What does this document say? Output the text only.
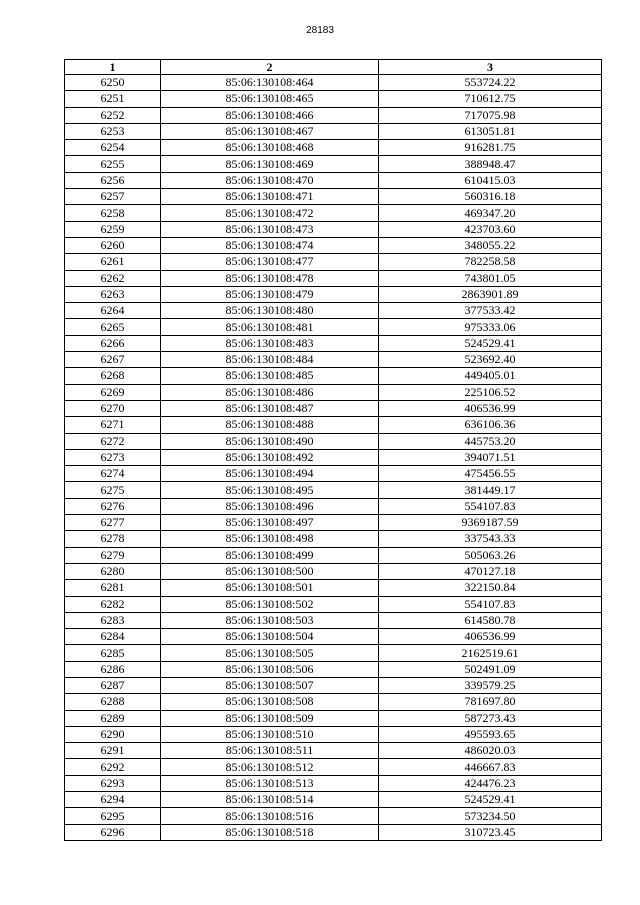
28183
1	2	3
6250	85:06:130108:464	553724.22
6251	85:06:130108:465	710612.75
6252	85:06:130108:466	717075.98
6253	85:06:130108:467	613051.81
6254	85:06:130108:468	916281.75
6255	85:06:130108:469	388948.47
6256	85:06:130108:470	610415.03
6257	85:06:130108:471	560316.18
6258	85:06:130108:472	469347.20
6259	85:06:130108:473	423703.60
6260	85:06:130108:474	348055.22
6261	85:06:130108:477	782258.58
6262	85:06:130108:478	743801.05
6263	85:06:130108:479	2863901.89
6264	85:06:130108:480	377533.42
6265	85:06:130108:481	975333.06
6266	85:06:130108:483	524529.41
6267	85:06:130108:484	523692.40
6268	85:06:130108:485	449405.01
6269	85:06:130108:486	225106.52
6270	85:06:130108:487	406536.99
6271	85:06:130108:488	636106.36
6272	85:06:130108:490	445753.20
6273	85:06:130108:492	394071.51
6274	85:06:130108:494	475456.55
6275	85:06:130108:495	381449.17
6276	85:06:130108:496	554107.83
6277	85:06:130108:497	9369187.59
6278	85:06:130108:498	337543.33
6279	85:06:130108:499	505063.26
6280	85:06:130108:500	470127.18
6281	85:06:130108:501	322150.84
6282	85:06:130108:502	554107.83
6283	85:06:130108:503	614580.78
6284	85:06:130108:504	406536.99
6285	85:06:130108:505	2162519.61
6286	85:06:130108:506	502491.09
6287	85:06:130108:507	339579.25
6288	85:06:130108:508	781697.80
6289	85:06:130108:509	587273.43
6290	85:06:130108:510	495593.65
6291	85:06:130108:511	486020.03
6292	85:06:130108:512	446667.83
6293	85:06:130108:513	424476.23
6294	85:06:130108:514	524529.41
6295	85:06:130108:516	573234.50
6296	85:06:130108:518	310723.45
